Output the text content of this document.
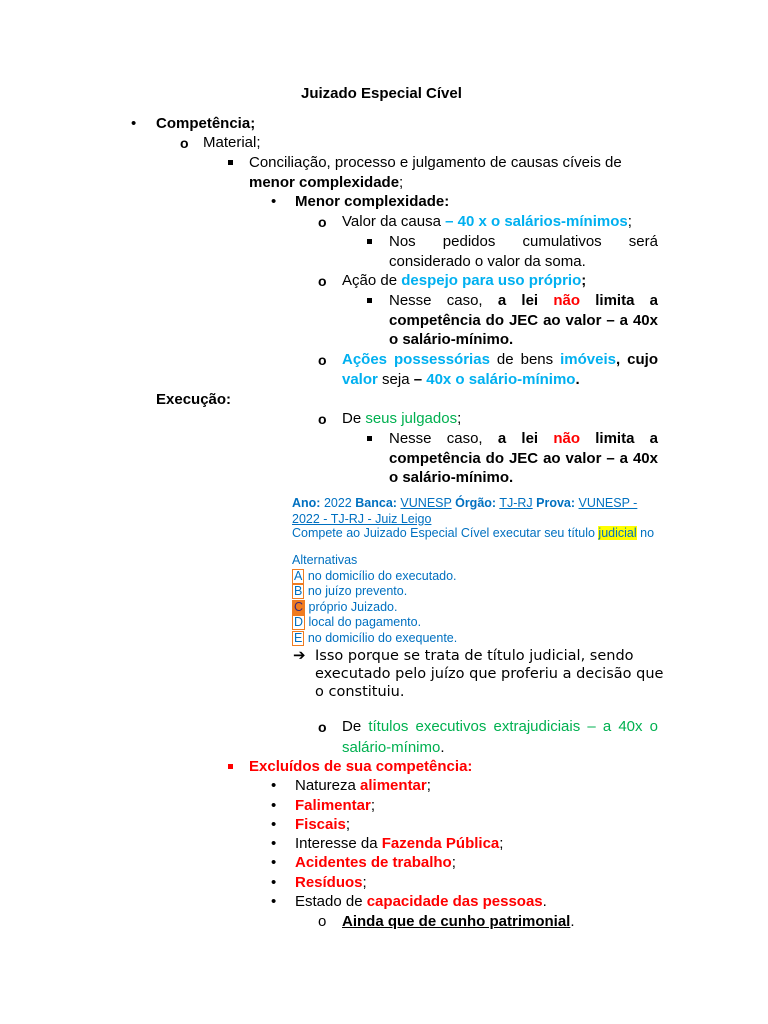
Juizado Especial Cível
• Competência;
o Material;
Conciliação, processo e julgamento de causas cíveis de
menor complexidade;
• Menor complexidade:
o Valor da causa – 40 x o salários-mínimos;
Nos pedidos cumulativos será considerado o valor da soma.
o Ação de despejo para uso próprio;
Nesse caso, a lei não limita a competência do JEC ao valor – a 40x o salário-mínimo.
o Ações possessórias de bens imóveis, cujo valor seja – 40x o salário-mínimo.
Execução:
o De seus julgados;
Nesse caso, a lei não limita a competência do JEC ao valor – a 40x o salário-mínimo.
Ano: 2022 Banca: VUNESP Órgão: TJ-RJ Prova: VUNESP - 2022 - TJ-RJ - Juiz Leigo
Compete ao Juizado Especial Cível executar seu título judicial no
Alternativas
A no domicílio do executado.
B no juízo prevento.
C próprio Juizado.
D local do pagamento.
E no domicílio do exequente.
➔ Isso porque se trata de título judicial, sendo executado pelo juízo que proferiu a decisão que o constituiu.
o De títulos executivos extrajudiciais – a 40x o salário-mínimo.
Excluídos de sua competência:
• Natureza alimentar;
• Falimentar;
• Fiscais;
• Interesse da Fazenda Pública;
• Acidentes de trabalho;
• Resíduos;
• Estado de capacidade das pessoas.
o Ainda que de cunho patrimonial.
